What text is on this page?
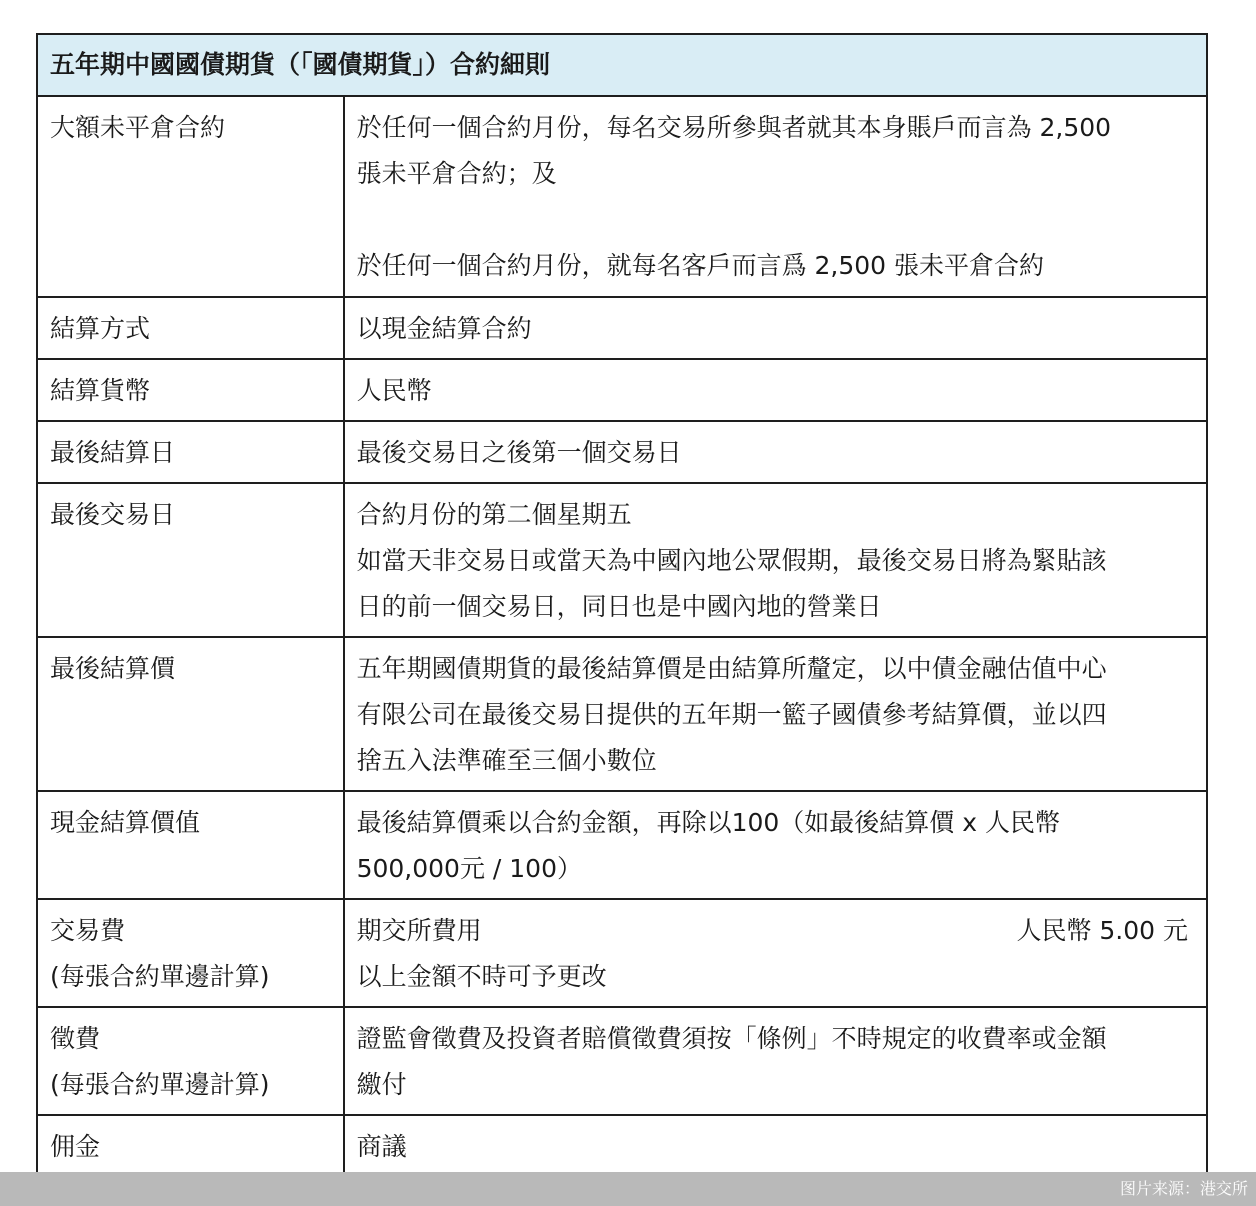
五年期中國國債期貨（「國債期貨」）合約細則	

大額未平倉合約	於任何一個合約月份，每名交易所參與者就其本身賬戶而言為 2,500
張未平倉合約；及
於任何一個合約月份，就每名客戶而言爲 2,500 張未平倉合約

結算方式	以現金結算合約

結算貨幣	人民幣

最後結算日	最後交易日之後第一個交易日

最後交易日	合約月份的第二個星期五
如當天非交易日或當天為中國內地公眾假期，最後交易日將為緊貼該
日的前一個交易日，同日也是中國內地的營業日

最後結算價	五年期國債期貨的最後結算價是由結算所釐定，以中債金融估值中心
有限公司在最後交易日提供的五年期一籃子國債參考結算價，並以四
捨五入法準確至三個小數位

現金結算價值	最後結算價乘以合約金額，再除以100（如最後結算價 x 人民幣
500,000元 / 100）

交易費
(每張合約單邊計算)	期交所費用 人民幣 5.00 元
以上金額不時可予更改

徵費
(每張合約單邊計算)	證監會徵費及投資者賠償徵費須按「條例」不時規定的收費率或金額
繳付

佣金	商議
图片来源：港交所
